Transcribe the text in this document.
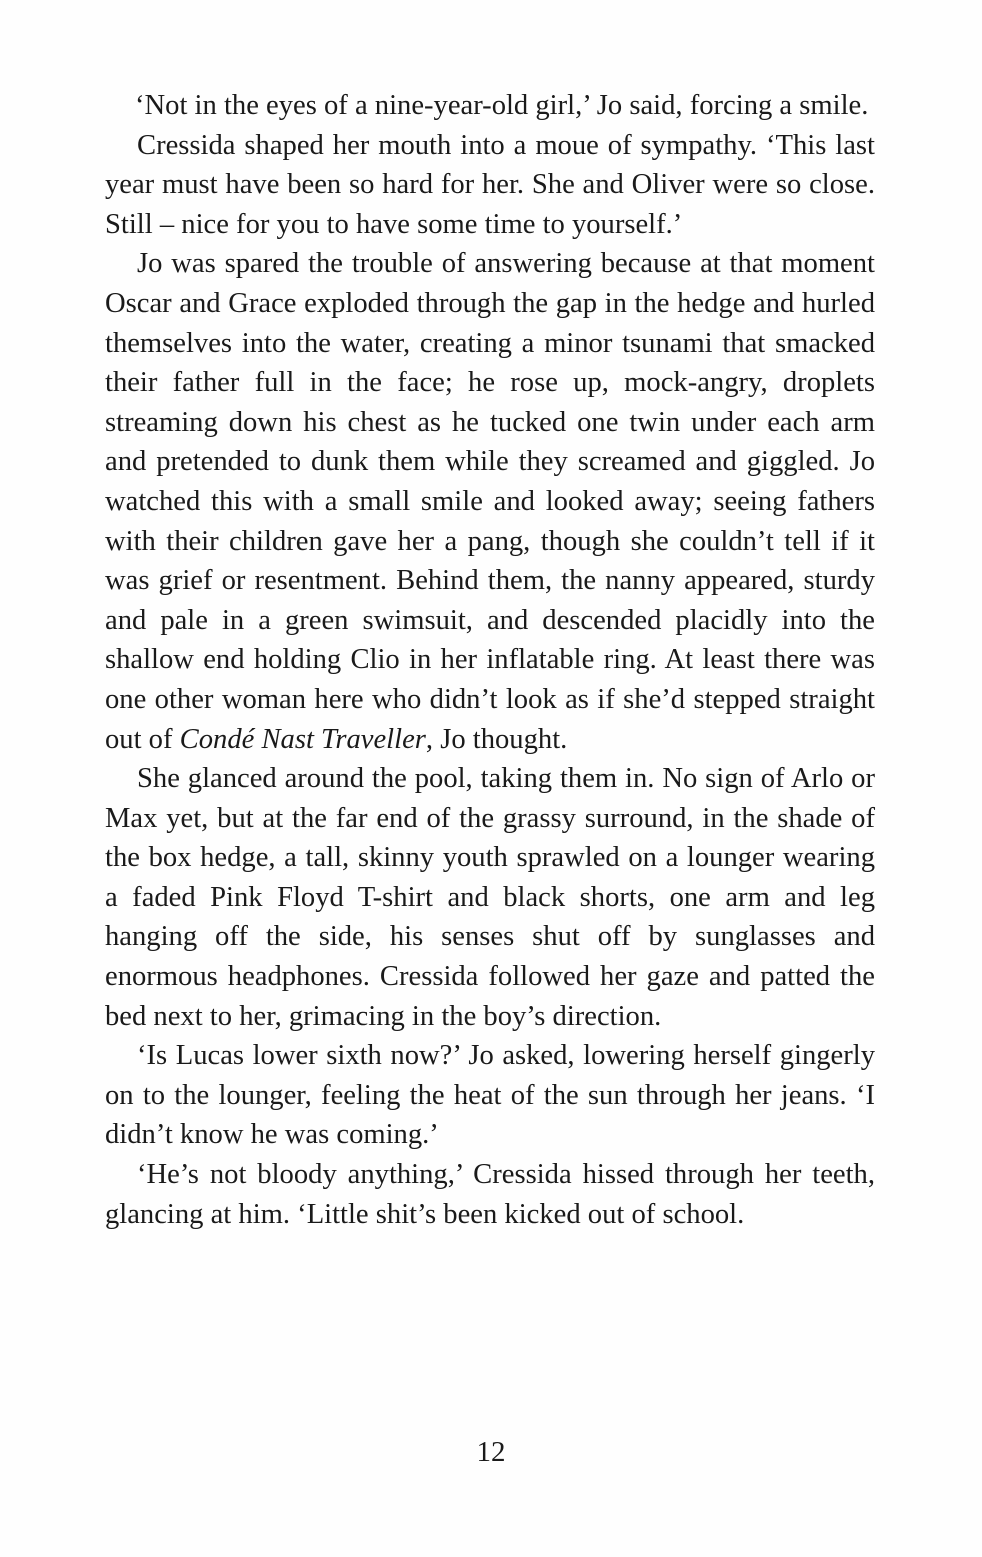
‘Not in the eyes of a nine-year-old girl,’ Jo said, forcing a smile.

Cressida shaped her mouth into a moue of sympathy. ‘This last year must have been so hard for her. She and Oliver were so close. Still – nice for you to have some time to yourself.’

Jo was spared the trouble of answering because at that moment Oscar and Grace exploded through the gap in the hedge and hurled themselves into the water, creating a minor tsunami that smacked their father full in the face; he rose up, mock-angry, droplets streaming down his chest as he tucked one twin under each arm and pretended to dunk them while they screamed and giggled. Jo watched this with a small smile and looked away; seeing fathers with their children gave her a pang, though she couldn’t tell if it was grief or resentment. Behind them, the nanny appeared, sturdy and pale in a green swimsuit, and descended placidly into the shallow end holding Clio in her inflatable ring. At least there was one other woman here who didn’t look as if she’d stepped straight out of Condé Nast Traveller, Jo thought.

She glanced around the pool, taking them in. No sign of Arlo or Max yet, but at the far end of the grassy surround, in the shade of the box hedge, a tall, skinny youth sprawled on a lounger wearing a faded Pink Floyd T-shirt and black shorts, one arm and leg hanging off the side, his senses shut off by sunglasses and enormous headphones. Cressida followed her gaze and patted the bed next to her, grimacing in the boy’s direction.

‘Is Lucas lower sixth now?’ Jo asked, lowering herself gingerly on to the lounger, feeling the heat of the sun through her jeans. ‘I didn’t know he was coming.’

‘He’s not bloody anything,’ Cressida hissed through her teeth, glancing at him. ‘Little shit’s been kicked out of school.

12
